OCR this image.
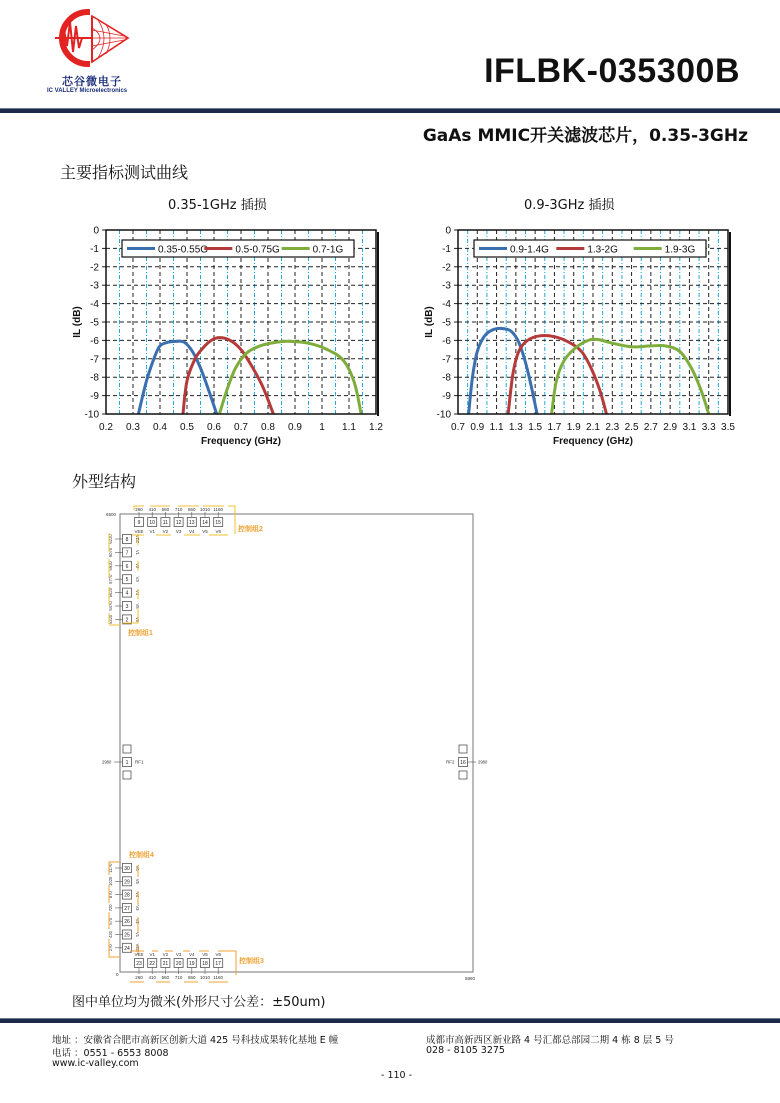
芯谷微电子
IC VALLEY Microelectronics
IFLBK-035300B
GaAs MMIC开关滤波芯片，0.35-3GHz
主要指标测试曲线
0.35-1GHz 插损
0.2 0.3 0.4 0.5 0.6 0.7 0.8 0.9 1 1.1 1.2
0
-1
-2
-3
-4
-5
-6
-7
-8
-9
-10
0.35-0.55G	0.5-0.75G	0.7-1G
Frequency (GHz)
IL (dB)
0.9-3GHz 插损
0.7 0.9 1.1 1.3 1.5 1.7 1.9 2.1 2.3 2.5 2.7 2.9 3.1 3.3 3.5
0
-1
-2
-3
-4
-5
-6
-7
-8
-9
-10
0.9-1.4G	1.3-2G	1.9-3G
Frequency (GHz)
IL (dB)
外型结构
6500
0
5860
260
9
VEE
410
10
V1
560
11
V2
710
12
V3
860
13
V4
1010
14
V5
1160
15
V6 控制组2
6220	8 VEE
6070	7 V1
5920	6 V2
5770	5 V3
5620	4 V4
5470	3 V5
5320	2 V6
控制组1
1
2980	RF1	16	2980
RF2
控制组4
1170 30 V6
1020 29 V5
870 28 V4
720 27 V3
570 26 V2
420 25 V1
270 24 VEE
VEE
23
260
V1
22
410
V2
21
560
V3
20
710
V4
19
860
V5
18
1010
V6
17
1160
控制组3
图中单位均为微米(外形尺寸公差：±50um)
地址 ：安徽省合肥市高新区创新大道 425 号科技成果转化基地 E 幢
电话 ：0551 - 6553 8008
www.ic-valley.com
成都市高新西区新业路 4 号汇都总部园二期 4 栋 8 层 5 号
028 - 8105 3275
- 110 -
